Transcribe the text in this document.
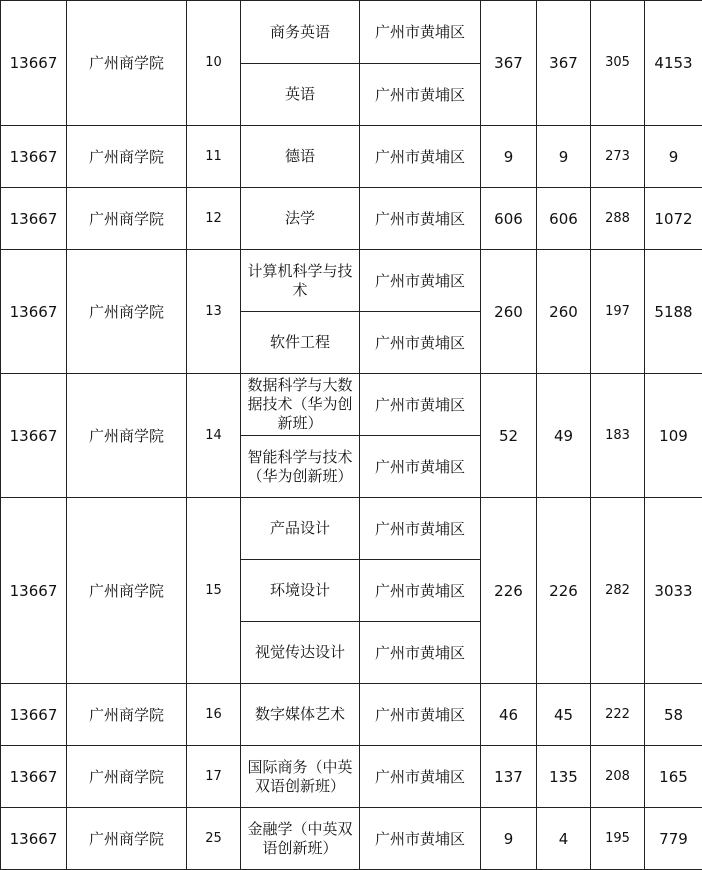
13667	广州商学院	10	商务英语	广州市黄埔区	367	367	305	4153
			英语	广州市黄埔区				
13667	广州商学院	11	德语	广州市黄埔区	9	9	273	9
13667	广州商学院	12	法学	广州市黄埔区	606	606	288	1072
13667	广州商学院	13	计算机科学与技术	广州市黄埔区	260	260	197	5188
			软件工程	广州市黄埔区				
13667	广州商学院	14	数据科学与大数据技术（华为创新班）	广州市黄埔区	52	49	183	109
			智能科学与技术（华为创新班）	广州市黄埔区				
13667	广州商学院	15	产品设计	广州市黄埔区	226	226	282	3033
			环境设计	广州市黄埔区				
			视觉传达设计	广州市黄埔区				
13667	广州商学院	16	数字媒体艺术	广州市黄埔区	46	45	222	58
13667	广州商学院	17	国际商务（中英双语创新班）	广州市黄埔区	137	135	208	165
13667	广州商学院	25	金融学（中英双语创新班）	广州市黄埔区	9	4	195	779
